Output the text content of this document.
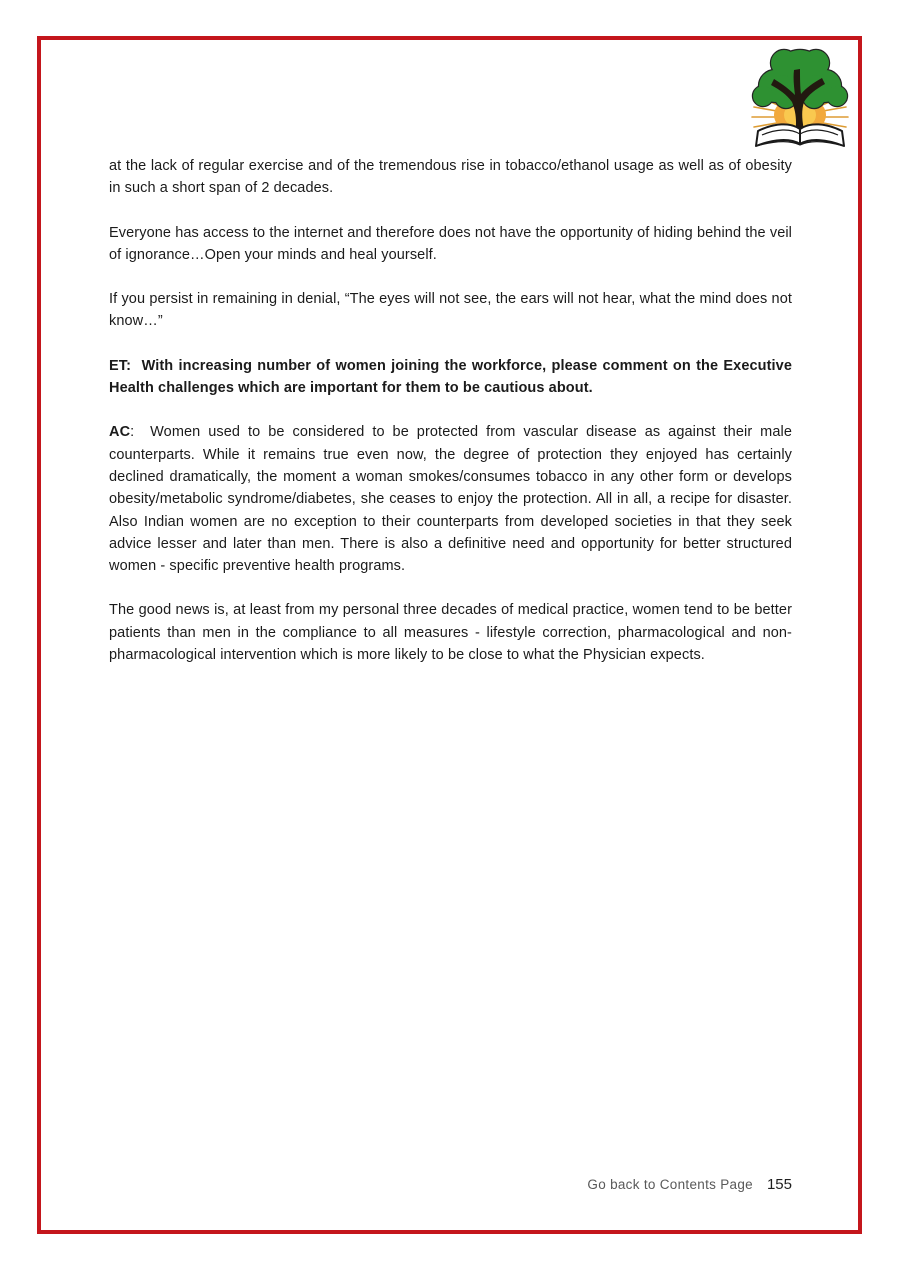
at the lack of regular exercise and of the tremendous rise in tobacco/ethanol usage as well as of obesity in such a short span of 2 decades.

Everyone has access to the internet and therefore does not have the opportunity of hiding behind the veil of ignorance…Open your minds and heal yourself.

If you persist in remaining in denial, “The eyes will not see, the ears will not hear, what the mind does not know…”

ET:  With increasing number of women joining the workforce, please comment on the Executive Health challenges which are important for them to be cautious about.

AC:  Women used to be considered to be protected from vascular disease as against their male counterparts. While it remains true even now, the degree of protection they enjoyed has certainly declined dramatically, the moment a woman smokes/consumes tobacco in any other form or develops obesity/metabolic syndrome/diabetes, she ceases to enjoy the protection. All in all, a recipe for disaster. Also Indian women are no exception to their counterparts from developed societies in that they seek advice lesser and later than men. There is also a definitive need and opportunity for better structured women - specific preventive health programs.

The good news is, at least from my personal three decades of medical practice, women tend to be better patients than men in the compliance to all measures - lifestyle correction, pharmacological and non-pharmacological intervention which is more likely to be close to what the Physician expects.

Go back to Contents Page 155
